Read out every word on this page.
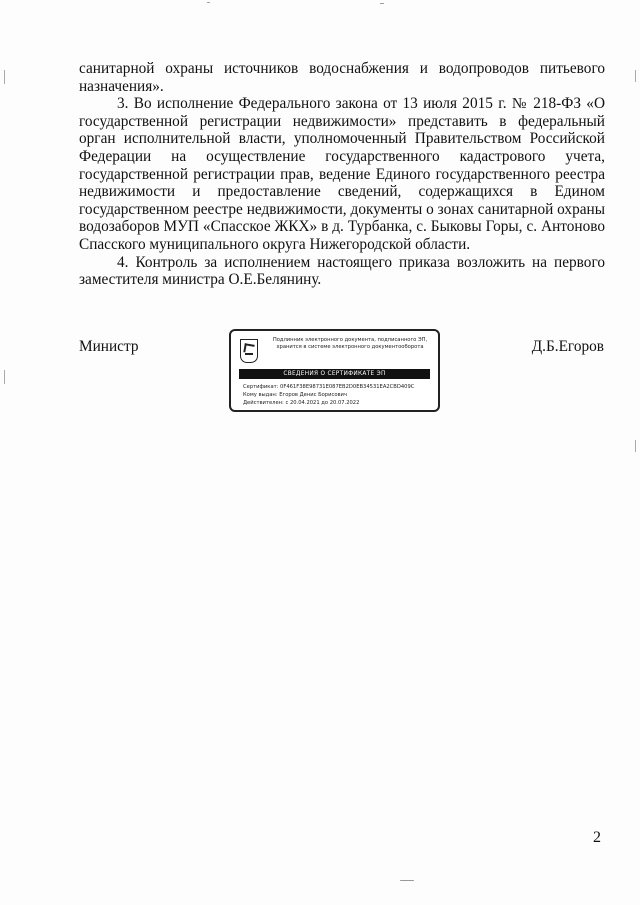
санитарной охраны источников водоснабжения и водопроводов питьевого назначения».

3. Во исполнение Федерального закона от 13 июля 2015 г. № 218-ФЗ «О государственной регистрации недвижимости» представить в федеральный орган исполнительной власти, уполномоченный Правительством Российской Федерации на осуществление государственного кадастрового учета, государственной регистрации прав, ведение Единого государственного реестра недвижимости и предоставление сведений, содержащихся в Едином государственном реестре недвижимости, документы о зонах санитарной охраны водозаборов МУП «Спасское ЖКХ» в д. Турбанка, с. Быковы Горы, с. Антоново Спасского муниципального округа Нижегородской области.

4. Контроль за исполнением настоящего приказа возложить на первого заместителя министра О.Е.Белянину.

Министр	Подлинник электронного документа, подписанного ЭП, хранится в системе электронного документооборота
СВЕДЕНИЯ О СЕРТИФИКАТЕ ЭП
Сертификат: 0F461F38E98731E087EB2D0EB34531EA2CBD409C
Кому выдан: Егоров Денис Борисович
Действителен: с 20.04.2021 до 20.07.2022
Д.Б.Егоров
2
